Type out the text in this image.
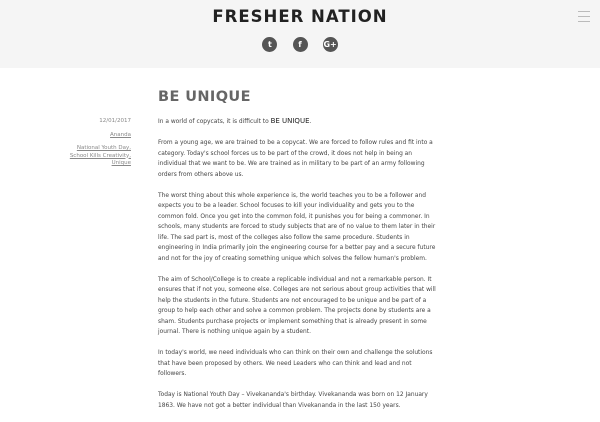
FRESHER NATION
t	f	G+
BE UNIQUE
12/01/2017
Ananda
National Youth Day,
School Kills Creativity,
Unique

In a world of copycats, it is difficult to BE UNIQUE.

From a young age, we are trained to be a copycat. We are forced to follow rules and fit into a category. Today's school forces us to be part of the crowd, it does not help in being an individual that we want to be. We are trained as in military to be part of an army following orders from others above us.

The worst thing about this whole experience is, the world teaches you to be a follower and expects you to be a leader. School focuses to kill your individuality and gets you to the common fold. Once you get into the common fold, it punishes you for being a commoner. In schools, many students are forced to study subjects that are of no value to them later in their life. The sad part is, most of the colleges also follow the same procedure. Students in engineering in India primarily join the engineering course for a better pay and a secure future and not for the joy of creating something unique which solves the fellow human's problem.

The aim of School/College is to create a replicable individual and not a remarkable person. It ensures that if not you, someone else. Colleges are not serious about group activities that will help the students in the future. Students are not encouraged to be unique and be part of a group to help each other and solve a common problem. The projects done by students are a sham. Students purchase projects or implement something that is already present in some journal. There is nothing unique again by a student.

In today's world, we need individuals who can think on their own and challenge the solutions that have been proposed by others. We need Leaders who can think and lead and not followers.

Today is National Youth Day – Vivekananda's birthday. Vivekananda was born on 12 January 1863. We have not got a better individual than Vivekananda in the last 150 years.
